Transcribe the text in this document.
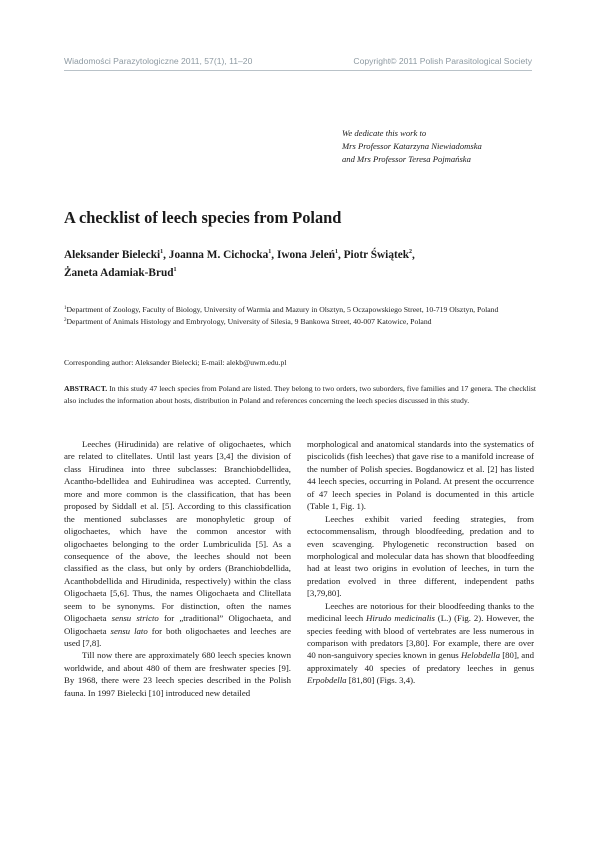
Wiadomości Parazytologiczne 2011, 57(1), 11–20	Copyright© 2011 Polish Parasitological Society
We dedicate this work to
Mrs Professor Katarzyna Niewiadomska
and Mrs Professor Teresa Pojmańska
A checklist of leech species from Poland
Aleksander Bielecki$^1$, Joanna M. Cichocka$^1$, Iwona Jeleń$^1$, Piotr Świątek$^2$,
Żaneta Adamiak-Brud$^1$

$^1$Department of Zoology, Faculty of Biology, University of Warmia and Mazury in Olsztyn, 5 Oczapowskiego Street, 10-719 Olsztyn, Poland

$^2$Department of Animals Histology and Embryology, University of Silesia, 9 Bankowa Street, 40-007 Katowice, Poland

Corresponding author: Aleksander Bielecki; E-mail: alekb@uwm.edu.pl
ABSTRACT. In this study 47 leech species from Poland are listed. They belong to two orders, two suborders, five families and 17 genera. The checklist also includes the information about hosts, distribution in Poland and references concerning the leech species discussed in this study.

Leeches (Hirudinida) are relative of oligochaetes, which are related to clitellates. Until last years [3,4] the division of class Hirudinea into three subclasses: Branchiobdellidea, Acantho-bdellidea and Euhirudinea was accepted. Currently, more and more common is the classification, that has been proposed by Siddall et al. [5]. According to this classification the mentioned subclasses are monophyletic group of oligochaetes, which have the common ancestor with oligochaetes belonging to the order Lumbriculida [5]. As a consequence of the above, the leeches should not been classified as the class, but only by orders (Branchiobdellida, Acanthobdellida and Hirudinida, respectively) within the class Oligochaeta [5,6]. Thus, the names Oligochaeta and Clitellata seem to be synonyms. For distinction, often the names Oligochaeta sensu stricto for „traditional” Oligochaeta, and Oligochaeta sensu lato for both oligochaetes and leeches are used [7,8].

Till now there are approximately 680 leech species known worldwide, and about 480 of them are freshwater species [9]. By 1968, there were 23 leech species described in the Polish fauna. In 1997 Bielecki [10] introduced new detailed

morphological and anatomical standards into the systematics of piscicolids (fish leeches) that gave rise to a manifold increase of the number of Polish species. Bogdanowicz et al. [2] has listed 44 leech species, occurring in Poland. At present the occurrence of 47 leech species in Poland is documented in this article (Table 1, Fig. 1).

Leeches exhibit varied feeding strategies, from ectocommensalism, through bloodfeeding, predation and to even scavenging. Phylogenetic reconstruction based on morphological and molecular data has shown that bloodfeeding had at least two origins in evolution of leeches, in turn the predation evolved in three different, independent paths [3,79,80].

Leeches are notorious for their bloodfeeding thanks to the medicinal leech Hirudo medicinalis (L.) (Fig. 2). However, the species feeding with blood of vertebrates are less numerous in comparison with predators [3,80]. For example, there are over 40 non-sanguivory species known in genus Helobdella [80], and approximately 40 species of predatory leeches in genus Erpobdella [81,80] (Figs. 3,4).
